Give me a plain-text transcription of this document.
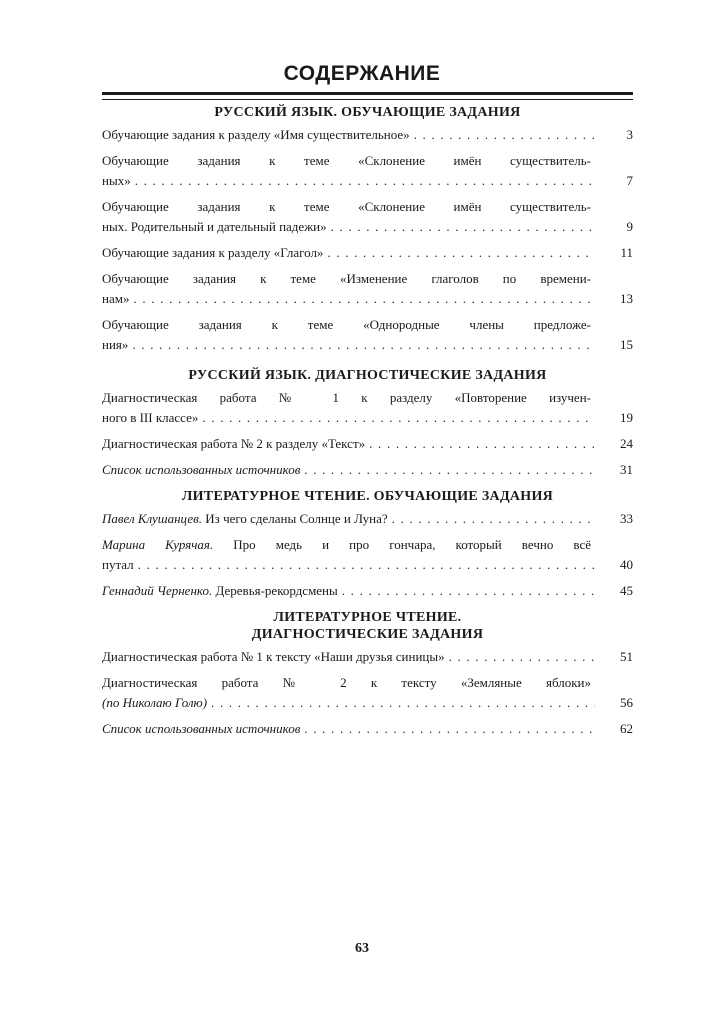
СОДЕРЖАНИЕ
РУССКИЙ ЯЗЫК. ОБУЧАЮЩИЕ ЗАДАНИЯ
Обучающие задания к разделу «Имя существительное» . . .	3
Обучающие задания к теме «Склонение имён существитель-
ных» . . .	7
Обучающие задания к теме «Склонение имён существитель-
ных. Родительный и дательный падежи» . . .	9
Обучающие задания к разделу «Глагол» . . .	11
Обучающие задания к теме «Изменение глаголов по времени-
нам» . . .	13
Обучающие задания к теме «Однородные члены предложе-
ния» . . .	15
РУССКИЙ ЯЗЫК. ДИАГНОСТИЧЕСКИЕ ЗАДАНИЯ
Диагностическая работа № 1 к разделу «Повторение изучен-
ного в III классе» . . .	19
Диагностическая работа № 2 к разделу «Текст» . . .	24
Список использованных источников . . .	31
ЛИТЕРАТУРНОЕ ЧТЕНИЕ. ОБУЧАЮЩИЕ ЗАДАНИЯ
Павел Клушанцев. Из чего сделаны Солнце и Луна? . . .	33
Марина Курячая. Про медь и про гончара, который вечно всё
путал . . .	40
Геннадий Черненко. Деревья-рекордсмены . . .	45
ЛИТЕРАТУРНОЕ ЧТЕНИЕ.
ДИАГНОСТИЧЕСКИЕ ЗАДАНИЯ
Диагностическая работа № 1 к тексту «Наши друзья синицы» . . .	51
Диагностическая работа № 2 к тексту «Земляные яблоки»
(по Николаю Голю) . . .	56
Список использованных источников . . .	62
63
